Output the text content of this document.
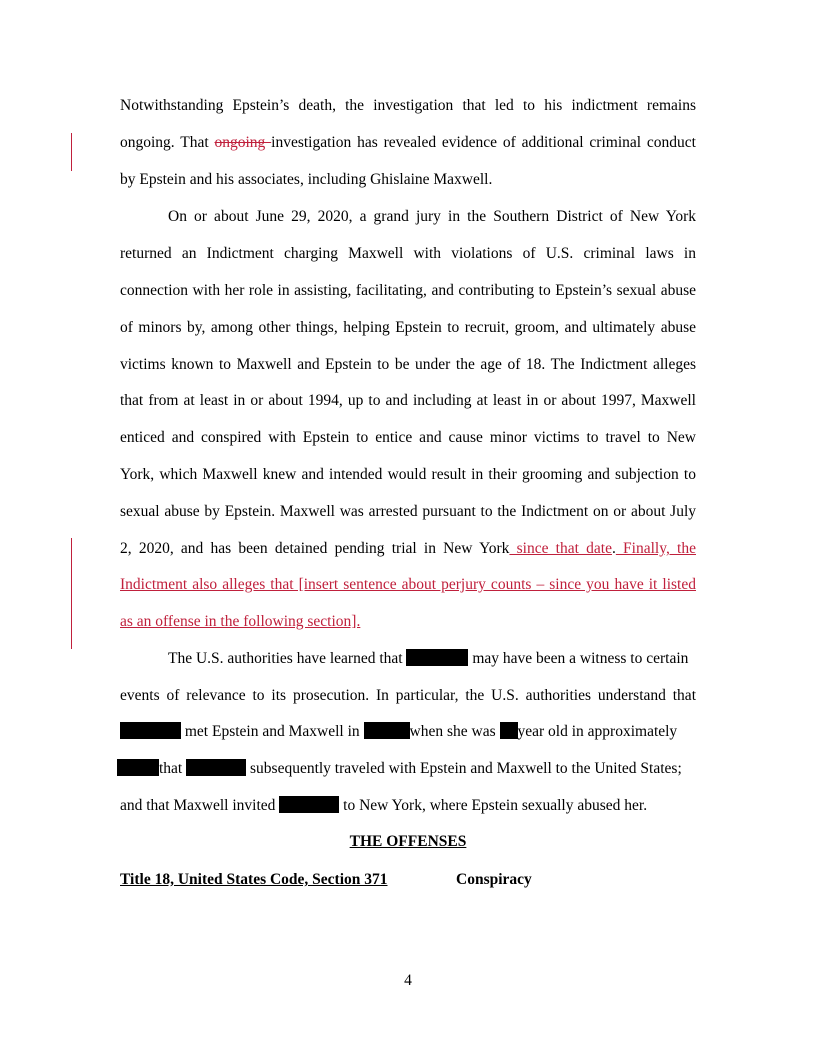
Notwithstanding Epstein’s death, the investigation that led to his indictment remains
ongoing. That ongoing investigation has revealed evidence of additional criminal conduct
by Epstein and his associates, including Ghislaine Maxwell.
On or about June 29, 2020, a grand jury in the Southern District of New York
returned an Indictment charging Maxwell with violations of U.S. criminal laws in
connection with her role in assisting, facilitating, and contributing to Epstein’s sexual abuse
of minors by, among other things, helping Epstein to recruit, groom, and ultimately abuse
victims known to Maxwell and Epstein to be under the age of 18. The Indictment alleges
that from at least in or about 1994, up to and including at least in or about 1997, Maxwell
enticed and conspired with Epstein to entice and cause minor victims to travel to New
York, which Maxwell knew and intended would result in their grooming and subjection to
sexual abuse by Epstein. Maxwell was arrested pursuant to the Indictment on or about July
2, 2020, and has been detained pending trial in New York since that date. Finally, the
Indictment also alleges that [insert sentence about perjury counts – since you have it listed
as an offense in the following section].
The U.S. authorities have learned that	may have been a witness to certain
events of relevance to its prosecution. In particular, the U.S. authorities understand that
met Epstein and Maxwell in	when she was year old in approximately
that	subsequently traveled with Epstein and Maxwell to the United States;
and that Maxwell invited	to New York, where Epstein sexually abused her.
THE OFFENSES
Title 18, United States Code, Section 371	Conspiracy
4
